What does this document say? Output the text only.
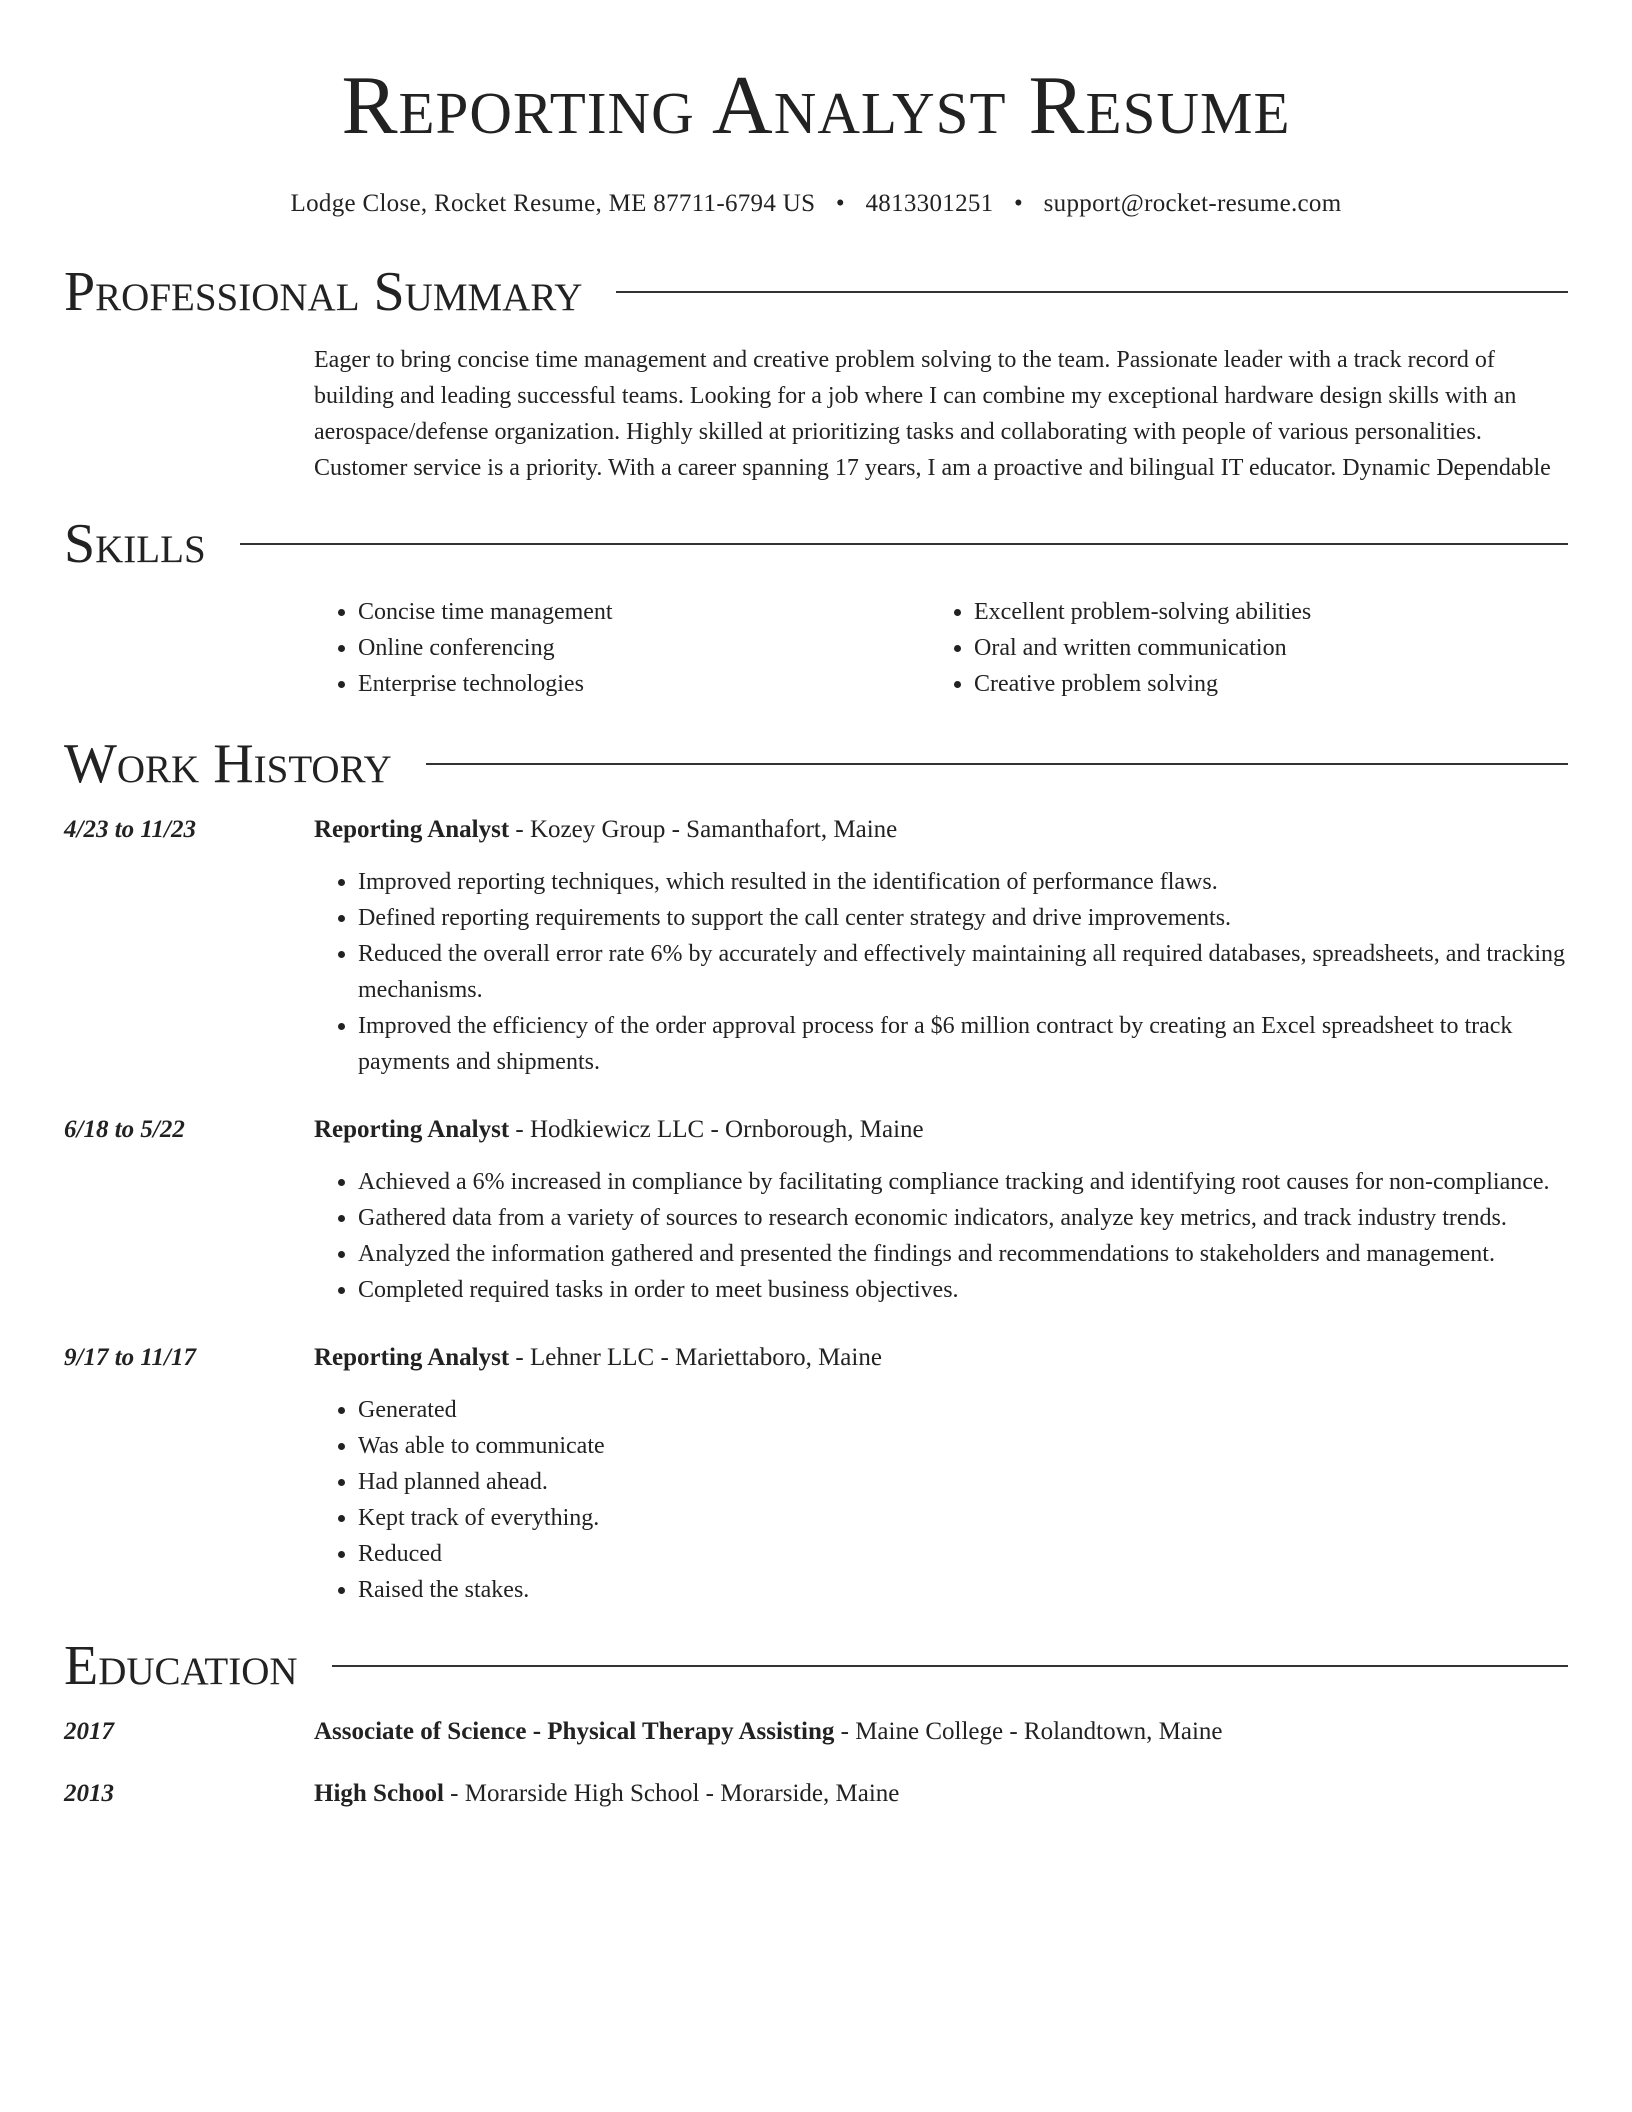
Reporting Analyst Resume
Lodge Close, Rocket Resume, ME 87711-6794 US • 4813301251 • support@rocket-resume.com
Professional Summary
Eager to bring concise time management and creative problem solving to the team. Passionate leader with a track record of building and leading successful teams. Looking for a job where I can combine my exceptional hardware design skills with an aerospace/defense organization. Highly skilled at prioritizing tasks and collaborating with people of various personalities. Customer service is a priority. With a career spanning 17 years, I am a proactive and bilingual IT educator. Dynamic Dependable
Skills
• Concise time management
• Online conferencing
• Enterprise technologies
• Excellent problem-solving abilities
• Oral and written communication
• Creative problem solving
Work History
4/23 to 11/23	Reporting Analyst - Kozey Group - Samanthafort, Maine
• Improved reporting techniques, which resulted in the identification of performance flaws.
• Defined reporting requirements to support the call center strategy and drive improvements.
• Reduced the overall error rate 6% by accurately and effectively maintaining all required databases, spreadsheets, and tracking mechanisms.
• Improved the efficiency of the order approval process for a $6 million contract by creating an Excel spreadsheet to track payments and shipments.
6/18 to 5/22	Reporting Analyst - Hodkiewicz LLC - Ornborough, Maine
• Achieved a 6% increased in compliance by facilitating compliance tracking and identifying root causes for non-compliance.
• Gathered data from a variety of sources to research economic indicators, analyze key metrics, and track industry trends.
• Analyzed the information gathered and presented the findings and recommendations to stakeholders and management.
• Completed required tasks in order to meet business objectives.
9/17 to 11/17	Reporting Analyst - Lehner LLC - Mariettaboro, Maine
• Generated
• Was able to communicate
• Had planned ahead.
• Kept track of everything.
• Reduced
• Raised the stakes.
Education
2017	Associate of Science - Physical Therapy Assisting - Maine College - Rolandtown, Maine
2013	High School - Morarside High School - Morarside, Maine
